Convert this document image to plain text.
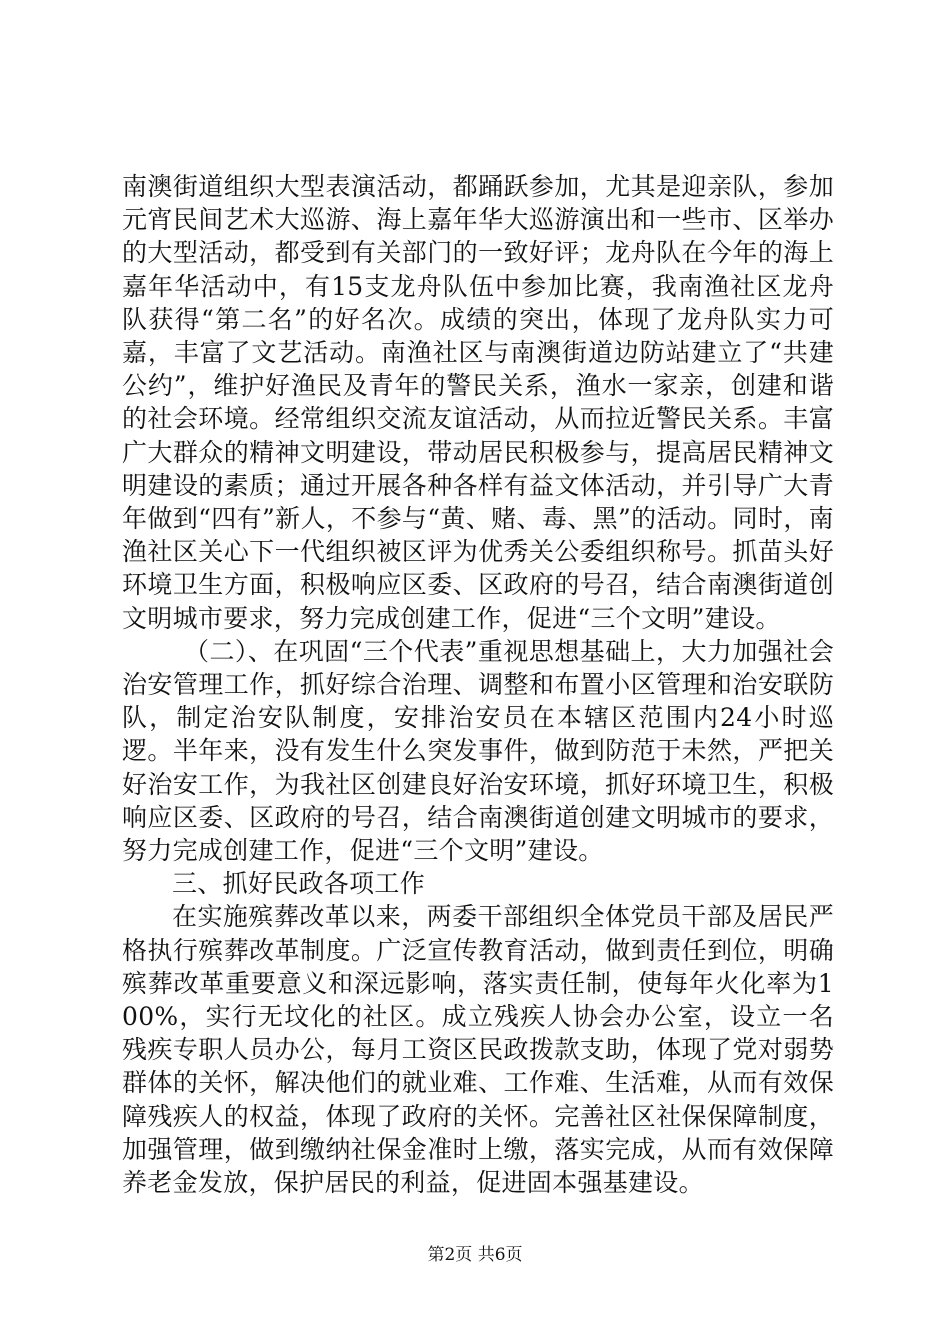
南澳街道组织大型表演活动，都踊跃参加，尤其是迎亲队，参加元宵民间艺术大巡游、海上嘉年华大巡游演出和一些市、区举办的大型活动，都受到有关部门的一致好评；龙舟队在今年的海上嘉年华活动中，有15支龙舟队伍中参加比赛，我南渔社区龙舟队获得“第二名”的好名次。成绩的突出，体现了龙舟队实力可嘉，丰富了文艺活动。南渔社区与南澳街道边防站建立了“共建公约”，维护好渔民及青年的警民关系，渔水一家亲，创建和谐的社会环境。经常组织交流友谊活动，从而拉近警民关系。丰富广大群众的精神文明建设，带动居民积极参与，提高居民精神文明建设的素质；通过开展各种各样有益文体活动，并引导广大青年做到“四有”新人，不参与“黄、赌、毒、黑”的活动。同时，南渔社区关心下一代组织被区评为优秀关公委组织称号。抓苗头好环境卫生方面，积极响应区委、区政府的号召，结合南澳街道创文明城市要求，努力完成创建工作，促进“三个文明”建设。

（二）、在巩固“三个代表”重视思想基础上，大力加强社会治安管理工作，抓好综合治理、调整和布置小区管理和治安联防队，制定治安队制度，安排治安员在本辖区范围内24小时巡逻。半年来，没有发生什么突发事件，做到防范于未然，严把关好治安工作，为我社区创建良好治安环境，抓好环境卫生，积极响应区委、区政府的号召，结合南澳街道创建文明城市的要求，努力完成创建工作，促进“三个文明”建设。

三、抓好民政各项工作

在实施殡葬改革以来，两委干部组织全体党员干部及居民严格执行殡葬改革制度。广泛宣传教育活动，做到责任到位，明确殡葬改革重要意义和深远影响，落实责任制，使每年火化率为100%，实行无坟化的社区。成立残疾人协会办公室，设立一名残疾专职人员办公，每月工资区民政拨款支助，体现了党对弱势群体的关怀，解决他们的就业难、工作难、生活难，从而有效保障残疾人的权益，体现了政府的关怀。完善社区社保保障制度，加强管理，做到缴纳社保金准时上缴，落实完成，从而有效保障养老金发放，保护居民的利益，促进固本强基建设。

第2页 共6页
